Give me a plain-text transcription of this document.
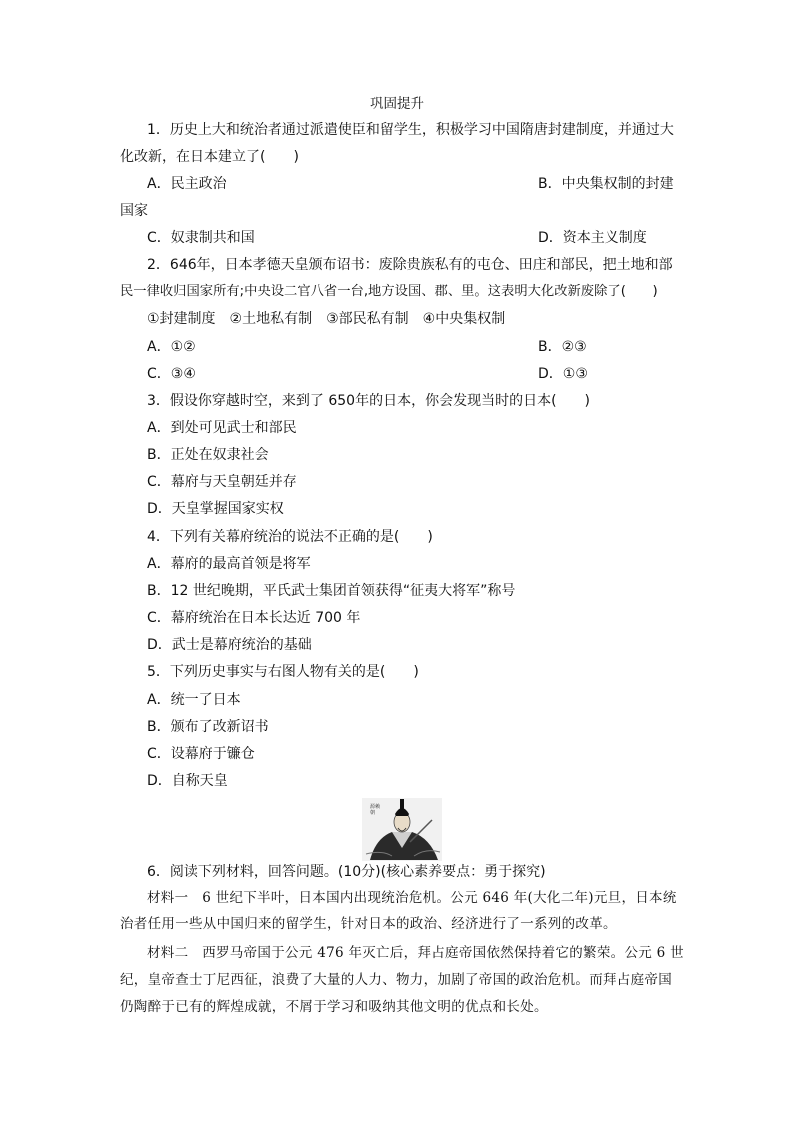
巩固提升
1．历史上大和统治者通过派遣使臣和留学生，积极学习中国隋唐封建制度，并通过大
化改新，在日本建立了(　　)
A．民主政治	B．中央集权制的封建
国家
C．奴隶制共和国	D．资本主义制度
2．646年，日本孝德天皇颁布诏书：废除贵族私有的屯仓、田庄和部民，把土地和部
民一律收归国家所有;中央设二官八省一台,地方设国、郡、里。这表明大化改新废除了(　　)
①封建制度　②土地私有制　③部民私有制　④中央集权制
A．①②	B．②③
C．③④	D．①③
3．假设你穿越时空，来到了 650年的日本，你会发现当时的日本(　　)
A．到处可见武士和部民
B．正处在奴隶社会
C．幕府与天皇朝廷并存
D．天皇掌握国家实权
4．下列有关幕府统治的说法不正确的是(　　)
A．幕府的最高首领是将军
B．12 世纪晚期，平氏武士集团首领获得“征夷大将军”称号
C．幕府统治在日本长达近 700 年
D．武士是幕府统治的基础
5．下列历史事实与右图人物有关的是(　　)
A．统一了日本
B．颁布了改新诏书
C．设幕府于镰仓
D．自称天皇
源赖朝
6．阅读下列材料，回答问题。(10分)(核心素养要点：勇于探究)
材料一　6 世纪下半叶，日本国内出现统治危机。公元 646 年(大化二年)元旦，日本统
治者任用一些从中国归来的留学生，针对日本的政治、经济进行了一系列的改革。
材料二　西罗马帝国于公元 476 年灭亡后，拜占庭帝国依然保持着它的繁荣。公元 6 世
纪，皇帝查士丁尼西征，浪费了大量的人力、物力，加剧了帝国的政治危机。而拜占庭帝国
仍陶醉于已有的辉煌成就，不屑于学习和吸纳其他文明的优点和长处。
